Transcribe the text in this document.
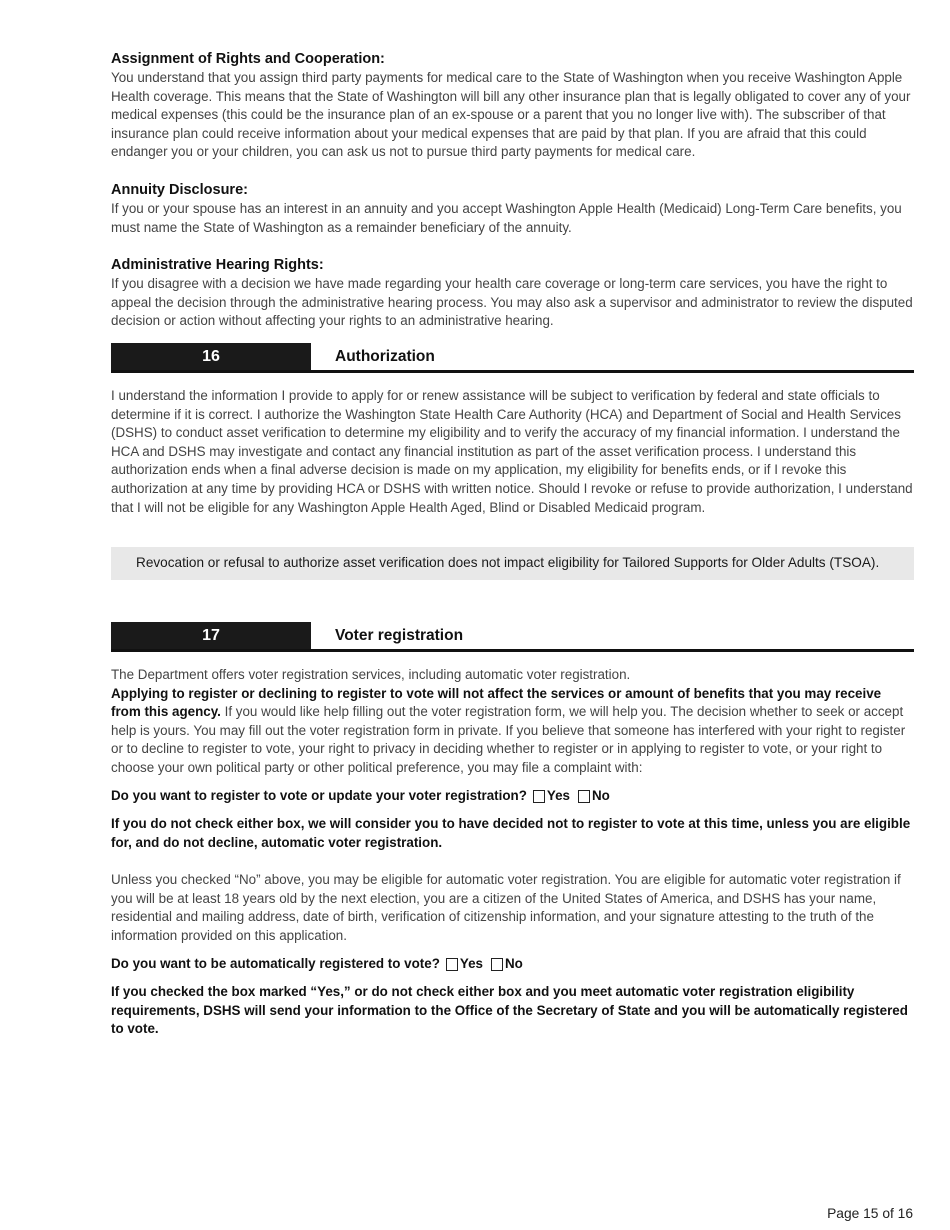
Assignment of Rights and Cooperation:

You understand that you assign third party payments for medical care to the State of Washington when you receive Washington Apple Health coverage. This means that the State of Washington will bill any other insurance plan that is legally obligated to cover any of your medical expenses (this could be the insurance plan of an ex-spouse or a parent that you no longer live with). The subscriber of that insurance plan could receive information about your medical expenses that are paid by that plan. If you are afraid that this could endanger you or your children, you can ask us not to pursue third party payments for medical care.

Annuity Disclosure:

If you or your spouse has an interest in an annuity and you accept Washington Apple Health (Medicaid) Long-Term Care benefits, you must name the State of Washington as a remainder beneficiary of the annuity.

Administrative Hearing Rights:

If you disagree with a decision we have made regarding your health care coverage or long-term care services, you have the right to appeal the decision through the administrative hearing process. You may also ask a supervisor and administrator to review the disputed decision or action without affecting your rights to an administrative hearing.

16	Authorization

I understand the information I provide to apply for or renew assistance will be subject to verification by federal and state officials to determine if it is correct. I authorize the Washington State Health Care Authority (HCA) and Department of Social and Health Services (DSHS) to conduct asset verification to determine my eligibility and to verify the accuracy of my financial information. I understand the HCA and DSHS may investigate and contact any financial institution as part of the asset verification process. I understand this authorization ends when a final adverse decision is made on my application, my eligibility for benefits ends, or if I revoke this authorization at any time by providing HCA or DSHS with written notice. Should I revoke or refuse to provide authorization, I understand that I will not be eligible for any Washington Apple Health Aged, Blind or Disabled Medicaid program.

Revocation or refusal to authorize asset verification does not impact eligibility for Tailored Supports for Older Adults (TSOA).
17	Voter registration

The Department offers voter registration services, including automatic voter registration.

Applying to register or declining to register to vote will not affect the services or amount of benefits that you may receive from this agency. If you would like help filling out the voter registration form, we will help you. The decision whether to seek or accept help is yours. You may fill out the voter registration form in private. If you believe that someone has interfered with your right to register or to decline to register to vote, your right to privacy in deciding whether to register or in applying to register to vote, or your right to choose your own political party or other political preference, you may file a complaint with:

Do you want to register to vote or update your voter registration? Yes No

If you do not check either box, we will consider you to have decided not to register to vote at this time, unless you are eligible for, and do not decline, automatic voter registration.

Unless you checked “No” above, you may be eligible for automatic voter registration. You are eligible for automatic voter registration if you will be at least 18 years old by the next election, you are a citizen of the United States of America, and DSHS has your name, residential and mailing address, date of birth, verification of citizenship information, and your signature attesting to the truth of the information provided on this application.

Do you want to be automatically registered to vote? Yes No

If you checked the box marked “Yes,” or do not check either box and you meet automatic voter registration eligibility requirements, DSHS will send your information to the Office of the Secretary of State and you will be automatically registered to vote.

Page 15 of 16
